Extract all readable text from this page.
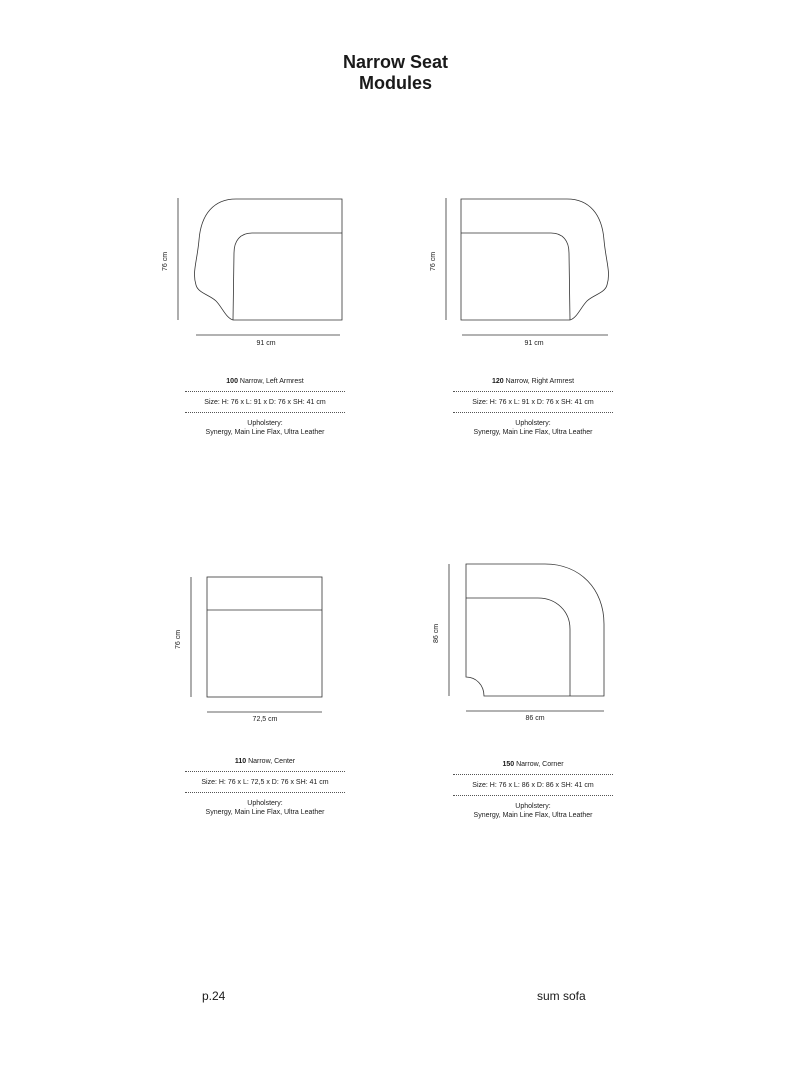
Narrow Seat
Modules
76 cm
91 cm
100 Narrow, Left Armrest
Size: H: 76 x L: 91 x D: 76 x SH: 41 cm
Upholstery:
Synergy, Main Line Flax, Ultra Leather
76 cm
91 cm
120 Narrow, Right Armrest
Size: H: 76 x L: 91 x D: 76 x SH: 41 cm
Upholstery:
Synergy, Main Line Flax, Ultra Leather
76 cm
72,5 cm
110 Narrow, Center
Size: H: 76 x L: 72,5 x D: 76 x SH: 41 cm
Upholstery:
Synergy, Main Line Flax, Ultra Leather
86 cm
86 cm
150 Narrow, Corner
Size: H: 76 x L: 86 x D: 86 x SH: 41 cm
Upholstery:
Synergy, Main Line Flax, Ultra Leather
p.24	sum sofa
